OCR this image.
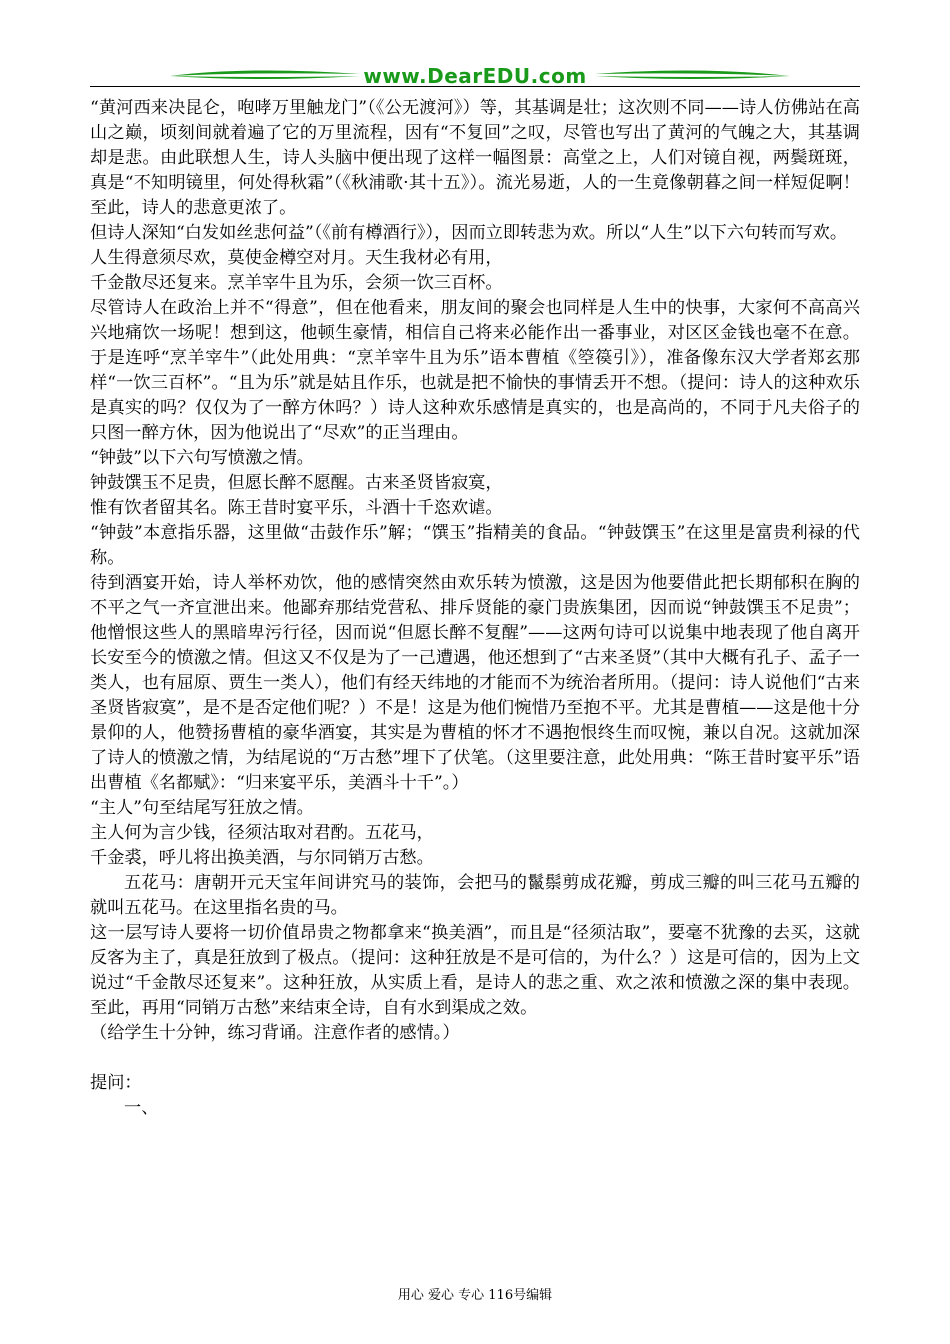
www.DearEDU.com

“黄河西来决昆仑，咆哮万里触龙门”（《公无渡河》）等，其基调是壮；这次则不同——诗人仿佛站在高山之巅，顷刻间就着遍了它的万里流程，因有“不复回”之叹，尽管也写出了黄河的气魄之大，其基调却是悲。由此联想人生，诗人头脑中便出现了这样一幅图景：高堂之上，人们对镜自视，两鬓斑斑，真是“不知明镜里，何处得秋霜”（《秋浦歌·其十五》）。流光易逝，人的一生竟像朝暮之间一样短促啊！至此，诗人的悲意更浓了。

但诗人深知“白发如丝悲何益”（《前有樽酒行》），因而立即转悲为欢。所以“人生”以下六句转而写欢。

人生得意须尽欢，莫使金樽空对月。天生我材必有用，

千金散尽还复来。烹羊宰牛且为乐，会须一饮三百杯。

尽管诗人在政治上并不“得意”，但在他看来，朋友间的聚会也同样是人生中的快事，大家何不高高兴兴地痛饮一场呢！想到这，他顿生豪情，相信自己将来必能作出一番事业，对区区金钱也毫不在意。于是连呼“烹羊宰牛”（此处用典：“烹羊宰牛且为乐”语本曹植《箜篌引》），准备像东汉大学者郑玄那样“一饮三百杯”。“且为乐”就是姑且作乐，也就是把不愉快的事情丢开不想。（提问：诗人的这种欢乐是真实的吗？仅仅为了一醉方休吗？）诗人这种欢乐感情是真实的，也是高尚的，不同于凡夫俗子的只图一醉方休，因为他说出了“尽欢”的正当理由。

“钟鼓”以下六句写愤激之情。

钟鼓馔玉不足贵，但愿长醉不愿醒。古来圣贤皆寂寞，

惟有饮者留其名。陈王昔时宴平乐，斗酒十千恣欢谑。

“钟鼓”本意指乐器，这里做“击鼓作乐”解；“馔玉”指精美的食品。“钟鼓馔玉”在这里是富贵利禄的代称。

待到酒宴开始，诗人举杯劝饮，他的感情突然由欢乐转为愤激，这是因为他要借此把长期郁积在胸的不平之气一齐宣泄出来。他鄙弃那结党营私、排斥贤能的豪门贵族集团，因而说“钟鼓馔玉不足贵”；他憎恨这些人的黑暗卑污行径，因而说“但愿长醉不复醒”——这两句诗可以说集中地表现了他自离开长安至今的愤激之情。但这又不仅是为了一己遭遇，他还想到了“古来圣贤”（其中大概有孔子、孟子一类人，也有屈原、贾生一类人），他们有经天纬地的才能而不为统治者所用。（提问：诗人说他们“古来圣贤皆寂寞”，是不是否定他们呢？）不是！这是为他们惋惜乃至抱不平。尤其是曹植——这是他十分景仰的人，他赞扬曹植的豪华酒宴，其实是为曹植的怀才不遇抱恨终生而叹惋，兼以自况。这就加深了诗人的愤激之情，为结尾说的“万古愁”埋下了伏笔。（这里要注意，此处用典：“陈王昔时宴平乐”语出曹植《名都赋》：“归来宴平乐，美酒斗十千”。）

“主人”句至结尾写狂放之情。

主人何为言少钱，径须沽取对君酌。五花马，

千金裘，呼儿将出换美酒，与尔同销万古愁。

五花马：唐朝开元天宝年间讲究马的装饰，会把马的鬣鬃剪成花瓣，剪成三瓣的叫三花马五瓣的就叫五花马。在这里指名贵的马。

这一层写诗人要将一切价值昂贵之物都拿来“换美酒”，而且是“径须沽取”，要毫不犹豫的去买，这就反客为主了，真是狂放到了极点。（提问：这种狂放是不是可信的，为什么？）这是可信的，因为上文说过“千金散尽还复来”。这种狂放，从实质上看，是诗人的悲之重、欢之浓和愤激之深的集中表现。至此，再用“同销万古愁”来结束全诗，自有水到渠成之效。

（给学生十分钟，练习背诵。注意作者的感情。）

提问：

一、

用心 爱心 专心 116号编辑
